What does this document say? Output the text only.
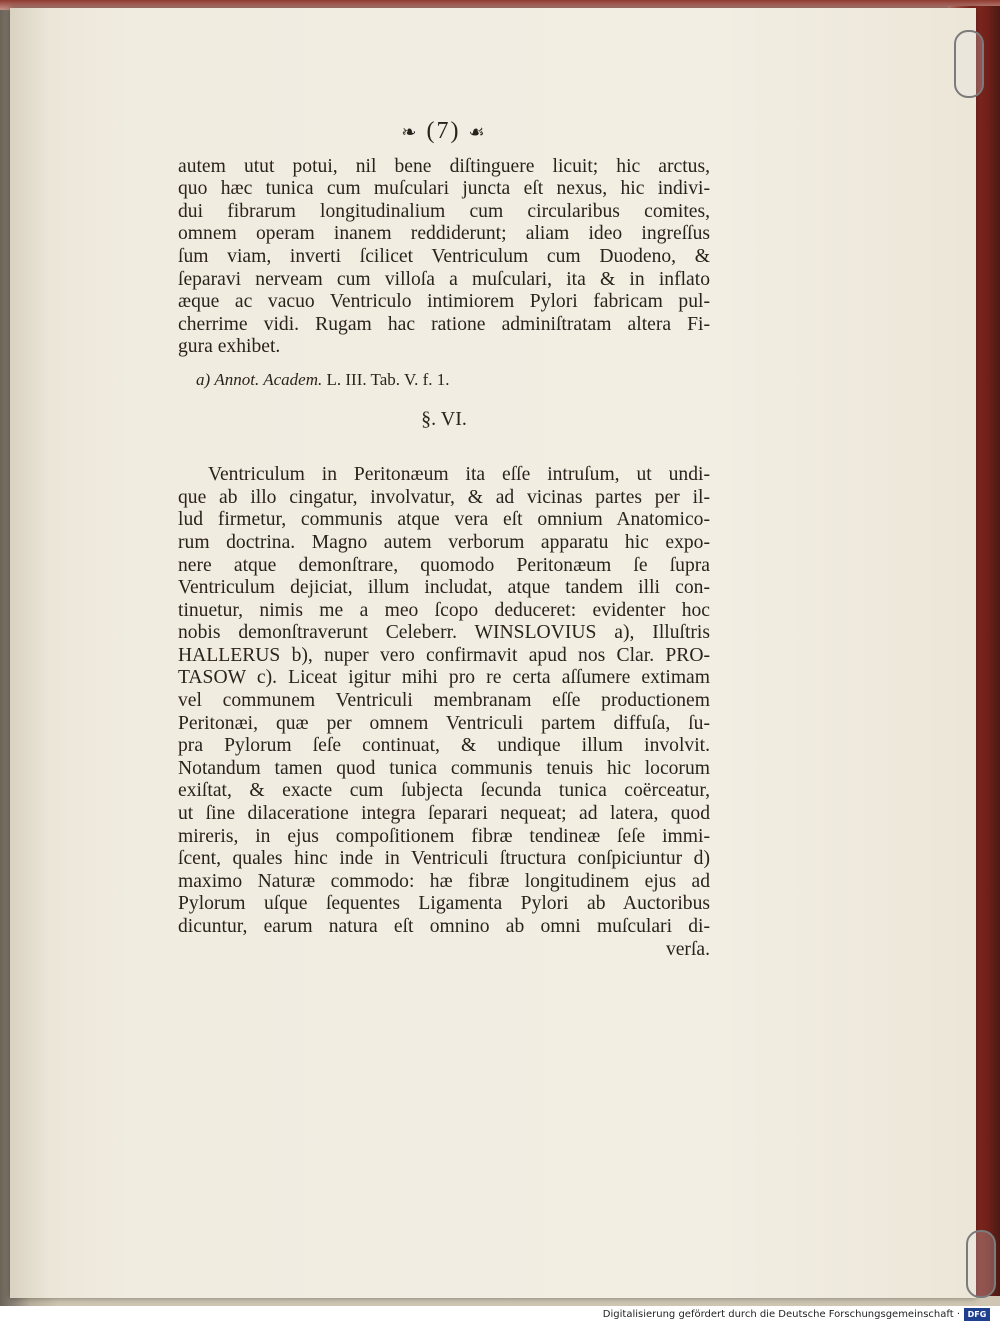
❧ (7) ☙
autem utut potui, nil bene diſtinguere licuit; hic arctus,
quo hæc tunica cum muſculari juncta eſt nexus, hic indivi-
dui fibrarum longitudinalium cum circularibus comites,
omnem operam inanem reddiderunt; aliam ideo ingreſſus
ſum viam, inverti ſcilicet Ventriculum cum Duodeno, &
ſeparavi nerveam cum villoſa a muſculari, ita & in inflato
æque ac vacuo Ventriculo intimiorem Pylori fabricam pul-
cherrime vidi. Rugam hac ratione adminiſtratam altera Fi-
gura exhibet.
a) Annot. Academ. L. III. Tab. V. f. 1.
§. VI.
Ventriculum in Peritonæum ita eſſe intruſum, ut undi-
que ab illo cingatur, involvatur, & ad vicinas partes per il-
lud firmetur, communis atque vera eſt omnium Anatomico-
rum doctrina. Magno autem verborum apparatu hic expo-
nere atque demonſtrare, quomodo Peritonæum ſe ſupra
Ventriculum dejiciat, illum includat, atque tandem illi con-
tinuetur, nimis me a meo ſcopo deduceret: evidenter hoc
nobis demonſtraverunt Celeberr. WINSLOVIUS a), Illuſtris
HALLERUS b), nuper vero confirmavit apud nos Clar. PRO-
TASOW c). Liceat igitur mihi pro re certa aſſumere extimam
vel communem Ventriculi membranam eſſe productionem
Peritonæi, quæ per omnem Ventriculi partem diffuſa, ſu-
pra Pylorum ſeſe continuat, & undique illum involvit.
Notandum tamen quod tunica communis tenuis hic locorum
exiſtat, & exacte cum ſubjecta ſecunda tunica coërceatur,
ut ſine dilaceratione integra ſeparari nequeat; ad latera, quod
mireris, in ejus compoſitionem fibræ tendineæ ſeſe immi-
ſcent, quales hinc inde in Ventriculi ſtructura conſpiciuntur d)
maximo Naturæ commodo: hæ fibræ longitudinem ejus ad
Pylorum uſque ſequentes Ligamenta Pylori ab Auctoribus
dicuntur, earum natura eſt omnino ab omni muſculari di-
verſa.
Digitalisierung gefördert durch die Deutsche Forschungsgemeinschaft · DFG
